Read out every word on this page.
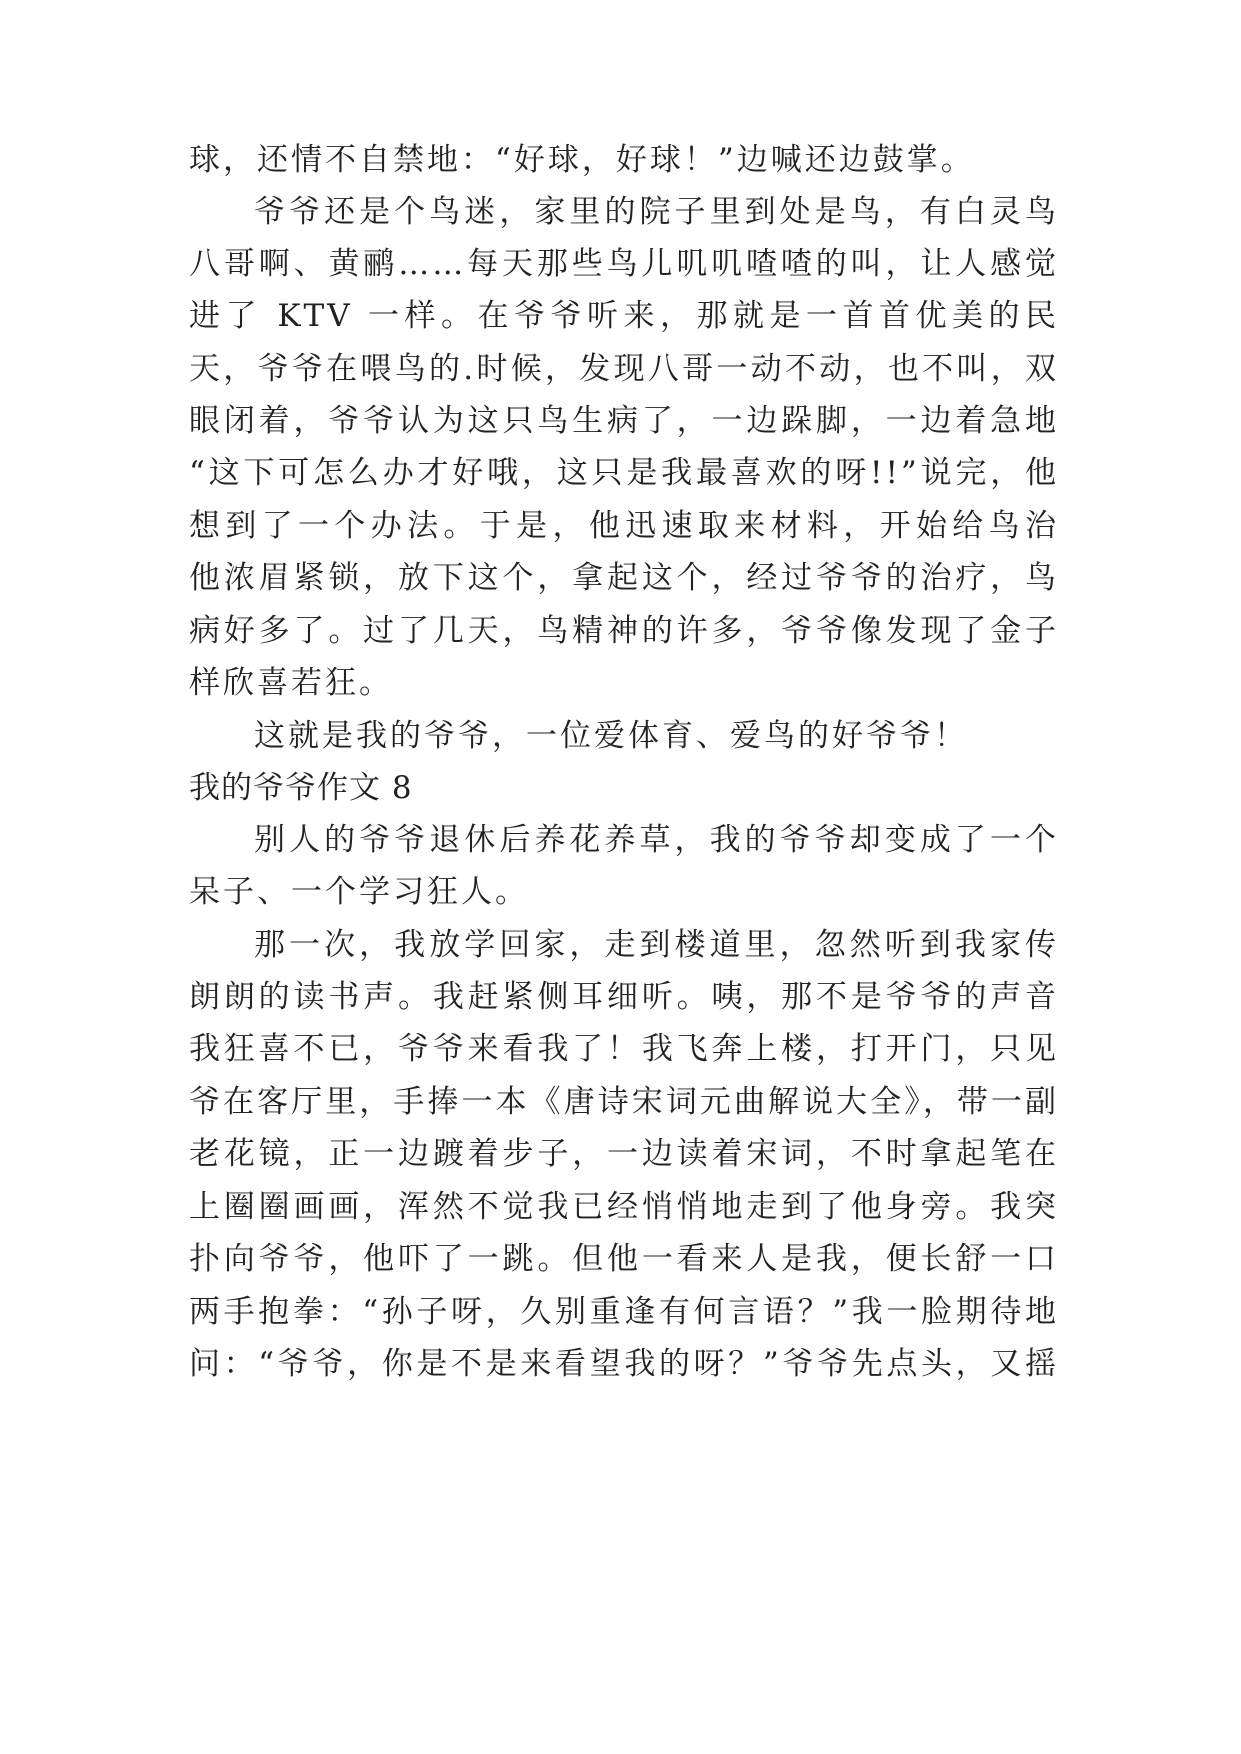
球，还情不自禁地：“好球，好球！”边喊还边鼓掌。
爷爷还是个鸟迷，家里的院子里到处是鸟，有白灵鸟
八哥啊、黄鹂……每天那些鸟儿叽叽喳喳的叫，让人感觉
进了 KTV 一样。在爷爷听来，那就是一首首优美的民
天，爷爷在喂鸟的.时候，发现八哥一动不动，也不叫，双
眼闭着，爷爷认为这只鸟生病了，一边跺脚，一边着急地
“这下可怎么办才好哦，这只是我最喜欢的呀!!”说完，他
想到了一个办法。于是，他迅速取来材料，开始给鸟治
他浓眉紧锁，放下这个，拿起这个，经过爷爷的治疗，鸟
病好多了。过了几天，鸟精神的许多，爷爷像发现了金子
样欣喜若狂。
这就是我的爷爷，一位爱体育、爱鸟的好爷爷！
我的爷爷作文 8
别人的爷爷退休后养花养草，我的爷爷却变成了一个
呆子、一个学习狂人。
那一次，我放学回家，走到楼道里，忽然听到我家传
朗朗的读书声。我赶紧侧耳细听。咦，那不是爷爷的声音
我狂喜不已，爷爷来看我了！我飞奔上楼，打开门，只见
爷在客厅里，手捧一本《唐诗宋词元曲解说大全》，带一副
老花镜，正一边踱着步子，一边读着宋词，不时拿起笔在
上圈圈画画，浑然不觉我已经悄悄地走到了他身旁。我突
扑向爷爷，他吓了一跳。但他一看来人是我，便长舒一口
两手抱拳：“孙子呀，久别重逢有何言语？”我一脸期待地
问：“爷爷，你是不是来看望我的呀？”爷爷先点头，又摇
